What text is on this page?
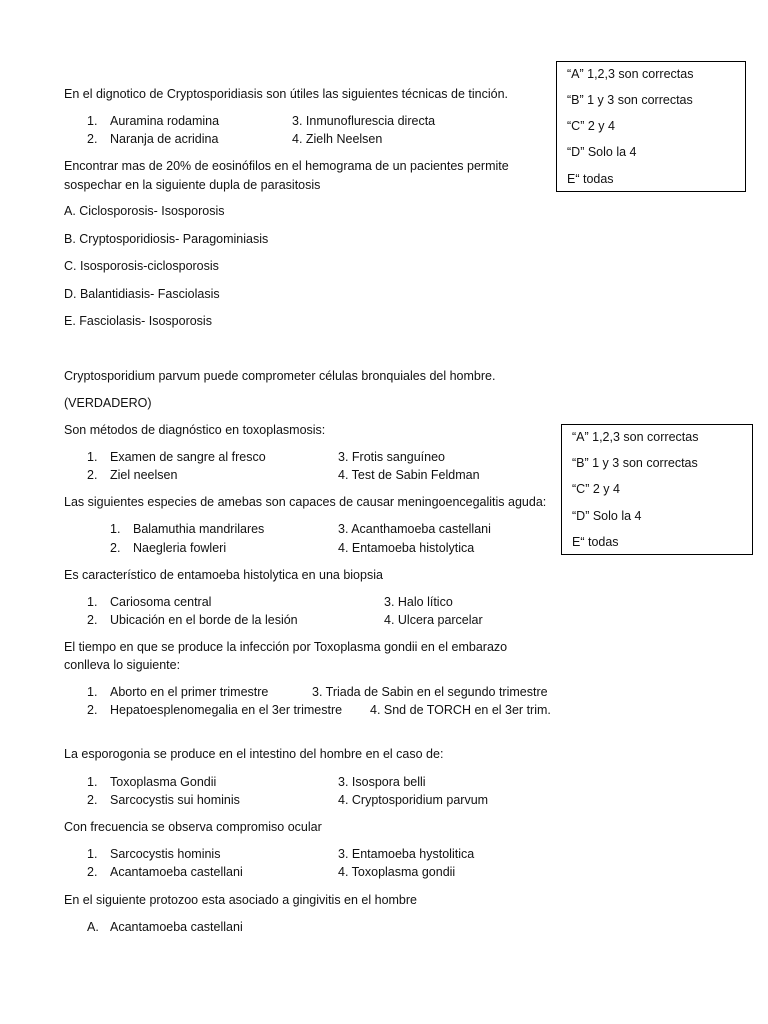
“A” 1,2,3 son correctas
“B” 1 y 3 son correctas
“C” 2 y 4
“D” Solo la 4
E“ todas
“A” 1,2,3 son correctas
“B” 1 y 3 son correctas
“C” 2 y 4
“D” Solo la 4
E“ todas
En el dignotico de Cryptosporidiasis son útiles las siguientes técnicas de tinción.
1. Auramina rodamina	3. Inmunoflurescia directa
2. Naranja de acridina	4. Zielh Neelsen
Encontrar mas de 20% de eosinófilos en el hemograma de un pacientes permite
sospechar en la siguiente dupla de parasitosis
A. Ciclosporosis- Isosporosis
B. Cryptosporidiosis- Paragominiasis
C. Isosporosis-ciclosporosis
D. Balantidiasis- Fasciolasis
E. Fasciolasis- Isosporosis
Cryptosporidium parvum puede comprometer células bronquiales del hombre.
(VERDADERO)
Son métodos de diagnóstico en toxoplasmosis:
1. Examen de sangre al fresco	3. Frotis sanguíneo
2. Ziel neelsen	4. Test de Sabin Feldman
Las siguientes especies de amebas son capaces de causar meningoencegalitis aguda:
1. Balamuthia mandrilares	3. Acanthamoeba castellani
2. Naegleria fowleri	4. Entamoeba histolytica
Es característico de entamoeba histolytica en una biopsia
1. Cariosoma central	3. Halo lítico
2. Ubicación en el borde de la lesión	4. Ulcera parcelar
El tiempo en que se produce la infección por Toxoplasma gondii en el embarazo
conlleva lo siguiente:
1. Aborto en el primer trimestre	3. Triada de Sabin en el segundo trimestre
2. Hepatoesplenomegalia en el 3er trimestre 4. Snd de TORCH en el 3er trim.
La esporogonia se produce en el intestino del hombre en el caso de:
1. Toxoplasma Gondii	3. Isospora belli
2. Sarcocystis sui hominis	4. Cryptosporidium parvum
Con frecuencia se observa compromiso ocular
1. Sarcocystis hominis	3. Entamoeba hystolitica
2. Acantamoeba castellani	4. Toxoplasma gondii
En el siguiente protozoo esta asociado a gingivitis en el hombre
A. Acantamoeba castellani
